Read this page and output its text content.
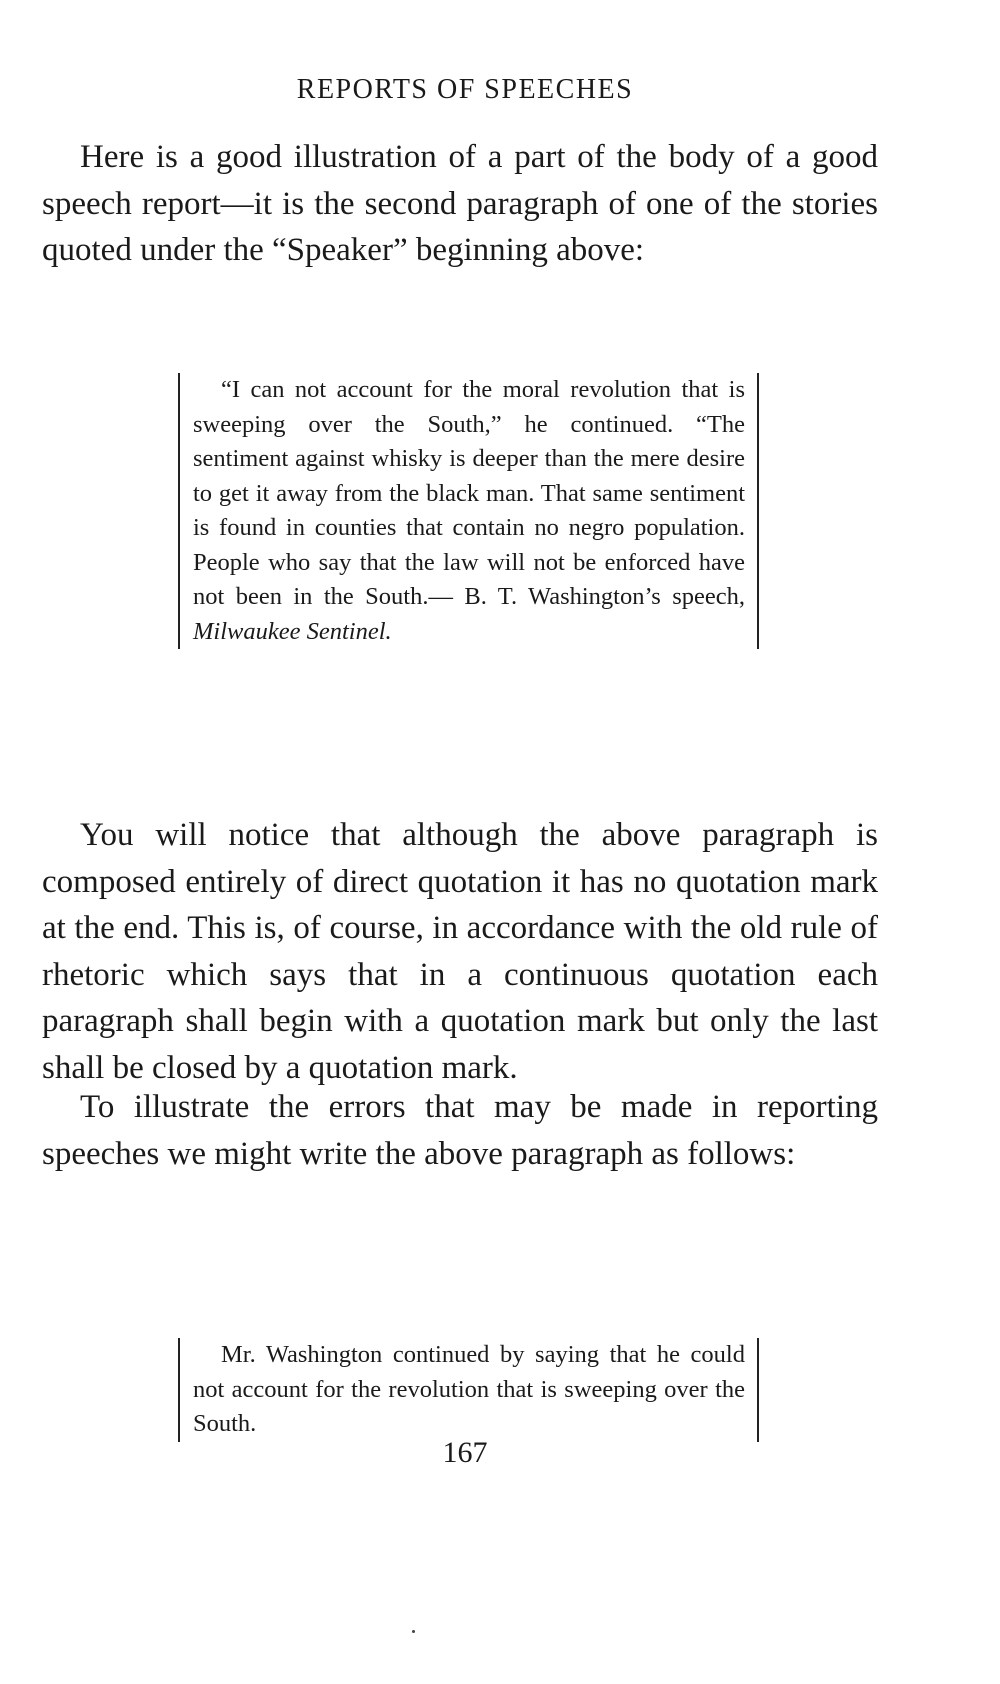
REPORTS OF SPEECHES

Here is a good illustration of a part of the body of a good speech report—it is the second paragraph of one of the stories quoted under the “Speaker” beginning above:

“I can not account for the moral revolution that is sweeping over the South,” he continued. “The sentiment against whisky is deeper than the mere desire to get it away from the black man. That same sentiment is found in counties that contain no negro population. People who say that the law will not be enforced have not been in the South.— B. T. Washington’s speech, Milwaukee Sentinel.

You will notice that although the above paragraph is composed entirely of direct quotation it has no quotation mark at the end. This is, of course, in accordance with the old rule of rhetoric which says that in a continuous quotation each paragraph shall begin with a quotation mark but only the last shall be closed by a quotation mark.

To illustrate the errors that may be made in reporting speeches we might write the above paragraph as follows:

Mr. Washington continued by saying that he could not account for the revolution that is sweeping over the South.
167
